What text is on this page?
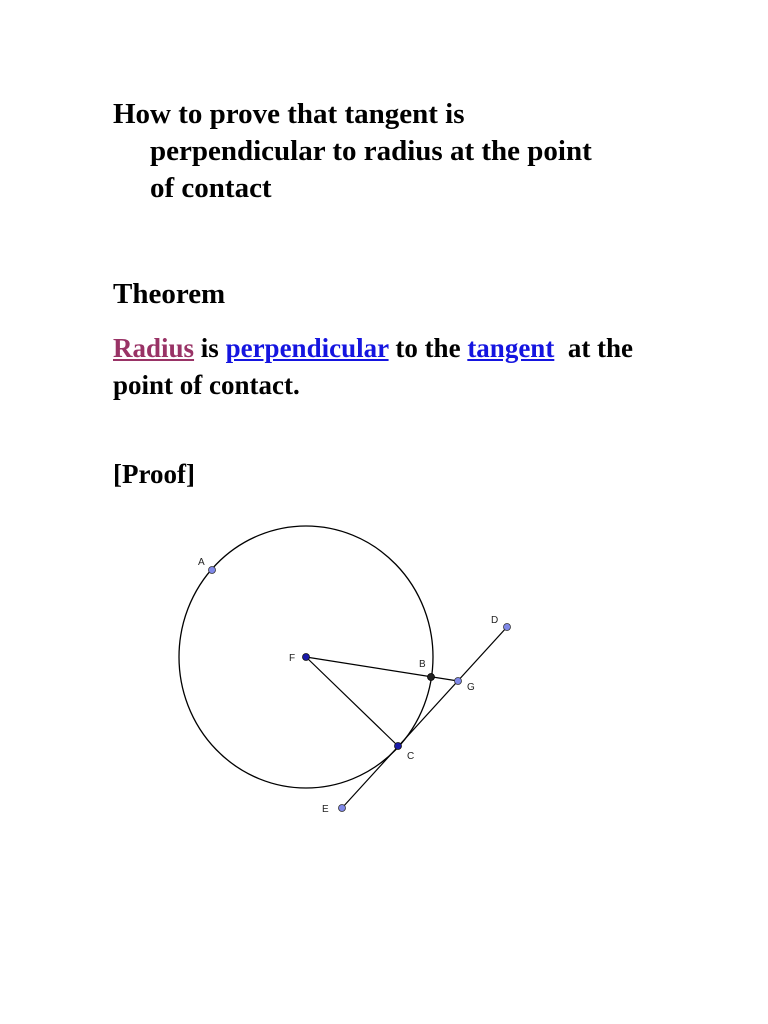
How to prove that tangent is
perpendicular to radius at the point
of contact
Theorem

Radius is perpendicular to the tangent at the point of contact.

[Proof]

A
F
B
G
D
C
E
